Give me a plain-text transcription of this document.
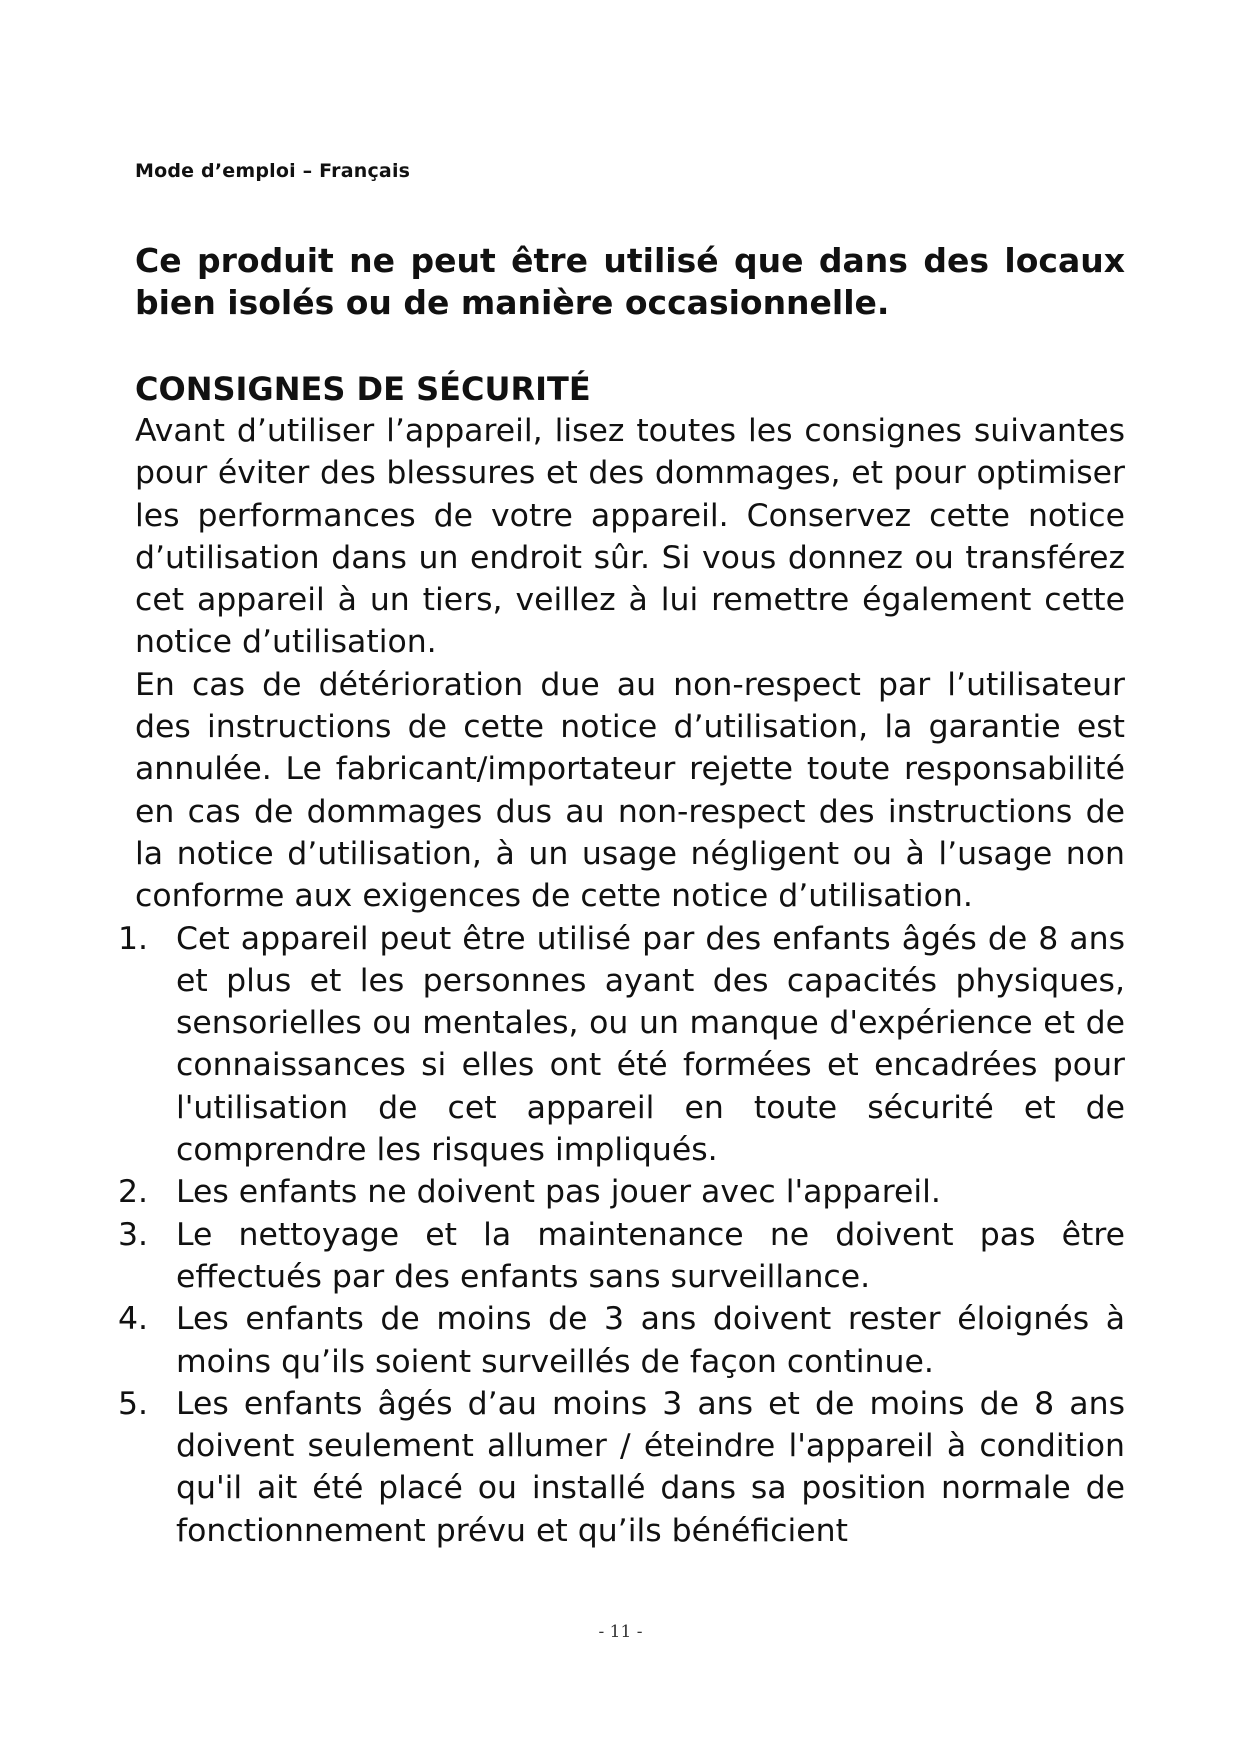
Mode d’emploi – Français
Ce produit ne peut être utilisé que dans des locaux bien isolés ou de manière occasionnelle.
CONSIGNES DE SÉCURITÉ

Avant d’utiliser l’appareil, lisez toutes les consignes suivantes pour éviter des blessures et des dommages, et pour optimiser les performances de votre appareil. Conservez cette notice d’utilisation dans un endroit sûr. Si vous donnez ou transférez cet appareil à un tiers, veillez à lui remettre également cette notice d’utilisation.

En cas de détérioration due au non-respect par l’utilisateur des instructions de cette notice d’utilisation, la garantie est annulée. Le fabricant/importateur rejette toute responsabilité en cas de dommages dus au non-respect des instructions de la notice d’utilisation, à un usage négligent ou à l’usage non conforme aux exigences de cette notice d’utilisation.

1. Cet appareil peut être utilisé par des enfants âgés de 8 ans et plus et les personnes ayant des capacités physiques, sensorielles ou mentales, ou un manque d'expérience et de connaissances si elles ont été formées et encadrées pour l'utilisation de cet appareil en toute sécurité et de comprendre les risques impliqués.
2. Les enfants ne doivent pas jouer avec l'appareil.
3. Le nettoyage et la maintenance ne doivent pas être effectués par des enfants sans surveillance.
4. Les enfants de moins de 3 ans doivent rester éloignés à moins qu’ils soient surveillés de façon continue.
5. Les enfants âgés d’au moins 3 ans et de moins de 8 ans doivent seulement allumer / éteindre l'appareil à condition qu'il ait été placé ou installé dans sa position normale de fonctionnement prévu et qu’ils bénéficient
- 11 -
